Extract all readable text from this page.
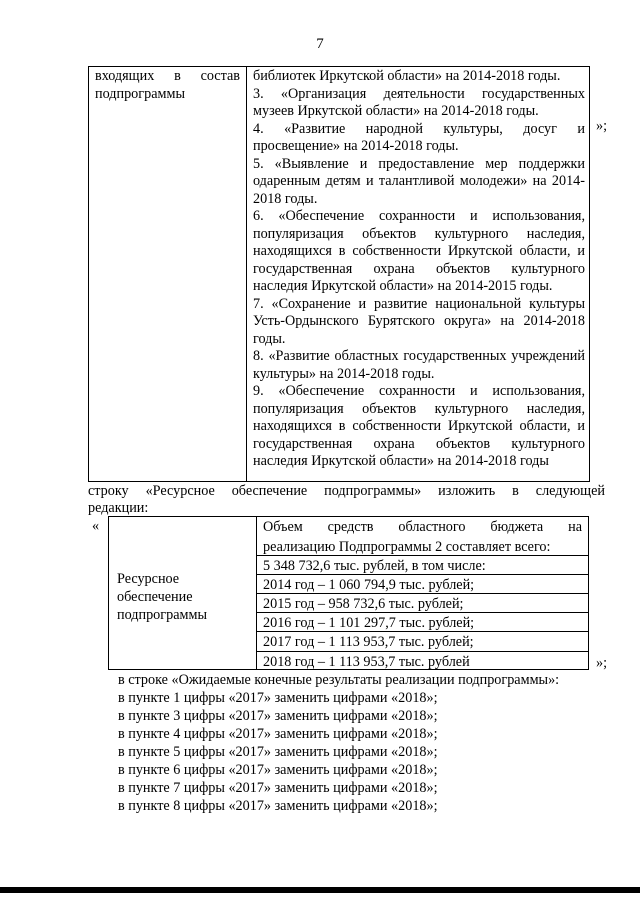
7
входящих в состав
подпрограммы
библиотек Иркутской области» на 2014-2018 годы.
3. «Организация деятельности государственных музеев Иркутской области» на 2014-2018 годы.
4. «Развитие народной культуры, досуг и просвещение» на 2014-2018 годы.
5. «Выявление и предоставление мер поддержки одаренным детям и талантливой молодежи» на 2014-2018 годы.
6. «Обеспечение сохранности и использования, популяризация объектов культурного наследия, находящихся в собственности Иркутской области, и государственная охрана объектов культурного наследия Иркутской области» на 2014-2015 годы.
7. «Сохранение и развитие национальной культуры Усть-Ордынского Бурятского округа» на 2014-2018 годы.
8. «Развитие областных государственных учреждений культуры» на 2014-2018 годы.
9. «Обеспечение сохранности и использования, популяризация объектов культурного наследия, находящихся в собственности Иркутской области, и государственная охрана объектов культурного наследия Иркутской области» на 2014-2018 годы
»;
строку «Ресурсное обеспечение подпрограммы» изложить в следующей
редакции:
«
Ресурсное
обеспечение
подпрограммы
Объем средств областного бюджета на
реализацию Подпрограммы 2 составляет всего:
5 348 732,6 тыс. рублей, в том числе:
2014 год – 1 060 794,9 тыс. рублей;
2015 год – 958 732,6 тыс. рублей;
2016 год – 1 101 297,7 тыс. рублей;
2017 год – 1 113 953,7 тыс. рублей;
2018 год – 1 113 953,7 тыс. рублей	»;
в строке «Ожидаемые конечные результаты реализации подпрограммы»:
в пункте 1 цифры «2017» заменить цифрами «2018»;
в пункте 3 цифры «2017» заменить цифрами «2018»;
в пункте 4 цифры «2017» заменить цифрами «2018»;
в пункте 5 цифры «2017» заменить цифрами «2018»;
в пункте 6 цифры «2017» заменить цифрами «2018»;
в пункте 7 цифры «2017» заменить цифрами «2018»;
в пункте 8 цифры «2017» заменить цифрами «2018»;
